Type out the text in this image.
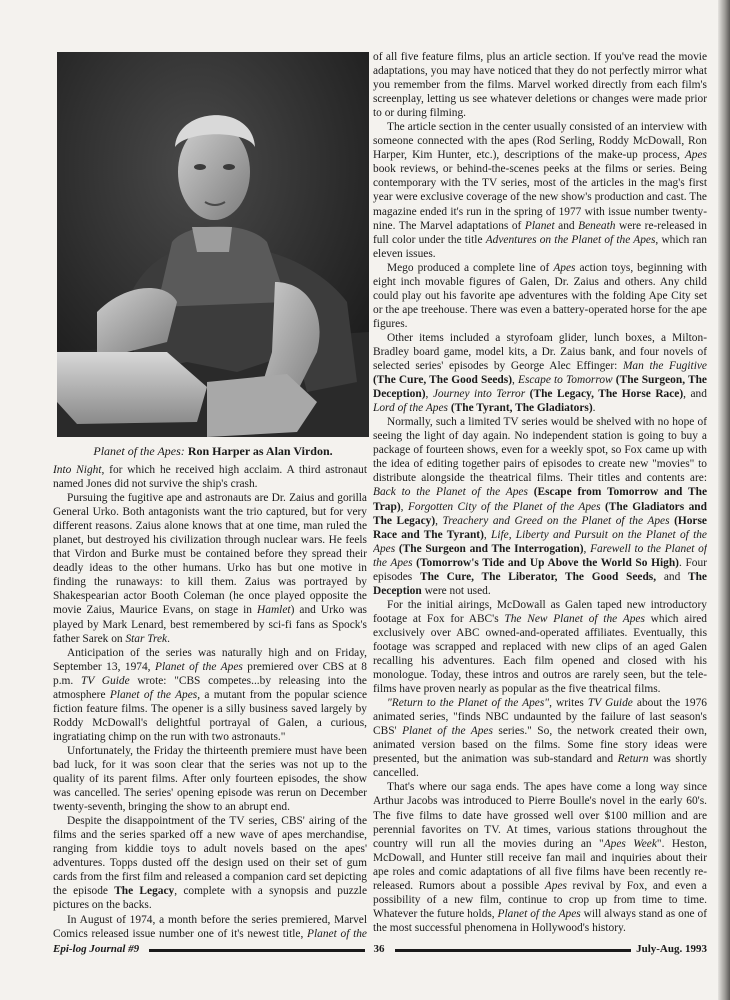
Planet of the Apes: Ron Harper as Alan Virdon.

Into Night, for which he received high acclaim. A third astronaut named Jones did not survive the ship's crash.

Pursuing the fugitive ape and astronauts are Dr. Zaius and gorilla General Urko. Both antagonists want the trio captured, but for very different reasons. Zaius alone knows that at one time, man ruled the planet, but destroyed his civilization through nuclear wars. He feels that Virdon and Burke must be contained before they spread their deadly ideas to the other humans. Urko has but one motive in finding the runaways: to kill them. Zaius was portrayed by Shakespearian actor Booth Coleman (he once played opposite the movie Zaius, Maurice Evans, on stage in Hamlet) and Urko was played by Mark Lenard, best remembered by sci-fi fans as Spock's father Sarek on Star Trek.

Anticipation of the series was naturally high and on Friday, September 13, 1974, Planet of the Apes premiered over CBS at 8 p.m. TV Guide wrote: "CBS competes...by releasing into the atmosphere Planet of the Apes, a mutant from the popular science fiction feature films. The opener is a silly business saved largely by Roddy McDowall's delightful portrayal of Galen, a curious, ingratiating chimp on the run with two astronauts."

Unfortunately, the Friday the thirteenth premiere must have been bad luck, for it was soon clear that the series was not up to the quality of its parent films. After only fourteen episodes, the show was cancelled. The series' opening episode was rerun on December twenty-seventh, bringing the show to an abrupt end.

Despite the disappointment of the TV series, CBS' airing of the films and the series sparked off a new wave of apes merchandise, ranging from kiddie toys to adult novels based on the apes' adventures. Topps dusted off the design used on their set of gum cards from the first film and released a companion card set depicting the episode The Legacy, complete with a synopsis and puzzle pictures on the backs.

In August of 1974, a month before the series premiered, Marvel Comics released issue number one of it's newest title, Planet of the

of all five feature films, plus an article section. If you've read the movie adaptations, you may have noticed that they do not perfectly mirror what you remember from the films. Marvel worked directly from each film's screenplay, letting us see whatever deletions or changes were made prior to or during filming.

The article section in the center usually consisted of an interview with someone connected with the apes (Rod Serling, Roddy McDowall, Ron Harper, Kim Hunter, etc.), descriptions of the make-up process, Apes book reviews, or behind-the-scenes peeks at the films or series. Being contemporary with the TV series, most of the articles in the mag's first year were exclusive coverage of the new show's production and cast. The magazine ended it's run in the spring of 1977 with issue number twenty-nine. The Marvel adaptations of Planet and Beneath were re-released in full color under the title Adventures on the Planet of the Apes, which ran eleven issues.

Mego produced a complete line of Apes action toys, beginning with eight inch movable figures of Galen, Dr. Zaius and others. Any child could play out his favorite ape adventures with the folding Ape City set or the ape treehouse. There was even a battery-operated horse for the ape figures.

Other items included a styrofoam glider, lunch boxes, a Milton-Bradley board game, model kits, a Dr. Zaius bank, and four novels of selected series' episodes by George Alec Effinger: Man the Fugitive (The Cure, The Good Seeds), Escape to Tomorrow (The Surgeon, The Deception), Journey into Terror (The Legacy, The Horse Race), and Lord of the Apes (The Tyrant, The Gladiators).

Normally, such a limited TV series would be shelved with no hope of seeing the light of day again. No independent station is going to buy a package of fourteen shows, even for a weekly spot, so Fox came up with the idea of editing together pairs of episodes to create new "movies" to distribute alongside the theatrical films. Their titles and contents are: Back to the Planet of the Apes (Escape from Tomorrow and The Trap), Forgotten City of the Planet of the Apes (The Gladiators and The Legacy), Treachery and Greed on the Planet of the Apes (Horse Race and The Tyrant), Life, Liberty and Pursuit on the Planet of the Apes (The Surgeon and The Interrogation), Farewell to the Planet of the Apes (Tomorrow's Tide and Up Above the World So High). Four episodes The Cure, The Liberator, The Good Seeds, and The Deception were not used.

For the initial airings, McDowall as Galen taped new introductory footage at Fox for ABC's The New Planet of the Apes which aired exclusively over ABC owned-and-operated affiliates. Eventually, this footage was scrapped and replaced with new clips of an aged Galen recalling his adventures. Each film opened and closed with his monologue. Today, these intros and outros are rarely seen, but the tele-films have proven nearly as popular as the five theatrical films.

"Return to the Planet of the Apes", writes TV Guide about the 1976 animated series, "finds NBC undaunted by the failure of last season's CBS' Planet of the Apes series." So, the network created their own, animated version based on the films. Some fine story ideas were presented, but the animation was sub-standard and Return was shortly cancelled.

That's where our saga ends. The apes have come a long way since Arthur Jacobs was introduced to Pierre Boulle's novel in the early 60's. The five films to date have grossed well over $100 million and are perennial favorites on TV. At times, various stations throughout the country will run all the movies during an "Apes Week". Heston, McDowall, and Hunter still receive fan mail and inquiries about their ape roles and comic adaptations of all five films have been recently re-released. Rumors about a possible Apes revival by Fox, and even a possibility of a new film, continue to crop up from time to time. Whatever the future holds, Planet of the Apes will always stand as one of the most successful phenomena in Hollywood's history.

Epi-log Journal #9	36	July-Aug. 1993
